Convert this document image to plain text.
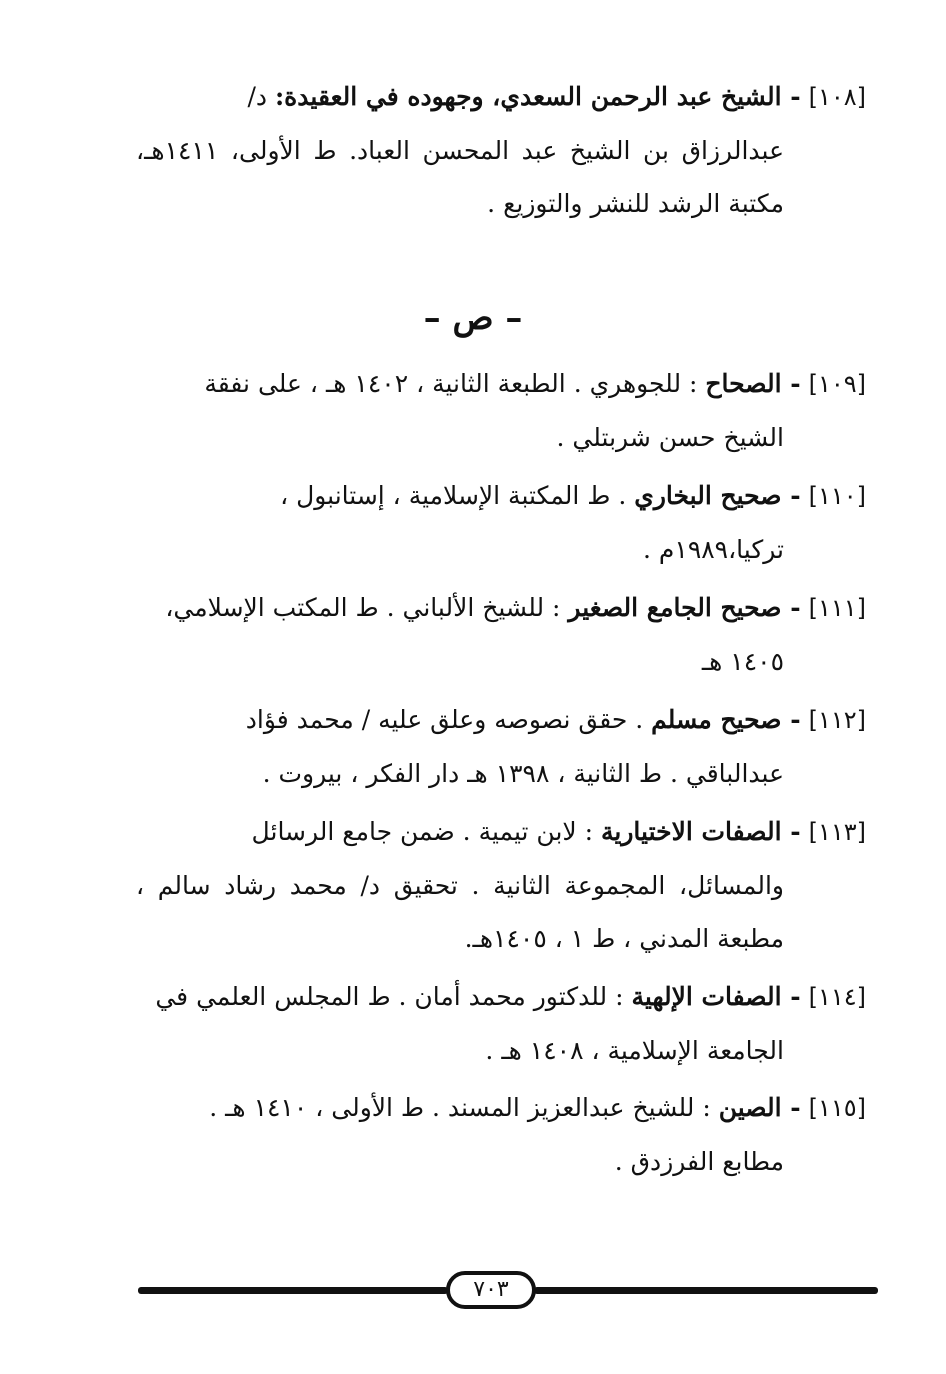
[١٠٨] - الشيخ عبد الرحمن السعدي، وجهوده في العقيدة: د/
عبدالرزاق بن الشيخ عبد المحسن العباد. ط الأولى، ١٤١١هـ، مكتبة الرشد للنشر والتوزيع .
– ص –
[١٠٩] - الصحاح : للجوهري . الطبعة الثانية ، ١٤٠٢ هـ ، على نفقة
الشيخ حسن شربتلي .
[١١٠] - صحيح البخاري . ط المكتبة الإسلامية ، إستانبول ،
تركيا،١٩٨٩م .
[١١١] - صحيح الجامع الصغير : للشيخ الألباني . ط المكتب الإسلامي،
١٤٠٥ هـ
[١١٢] - صحيح مسلم . حقق نصوصه وعلق عليه / محمد فؤاد
عبدالباقي . ط الثانية ، ١٣٩٨ هـ دار الفكر ، بيروت .
[١١٣] - الصفات الاختيارية : لابن تيمية . ضمن جامع الرسائل
والمسائل، المجموعة الثانية . تحقيق د/ محمد رشاد سالم ، مطبعة المدني ، ط ١ ، ١٤٠٥هـ.
[١١٤] - الصفات الإلهية : للدكتور محمد أمان . ط المجلس العلمي في
الجامعة الإسلامية ، ١٤٠٨ هـ .
[١١٥] - الصين : للشيخ عبدالعزيز المسند . ط الأولى ، ١٤١٠ هـ .
مطابع الفرزدق .
٧٠٣
